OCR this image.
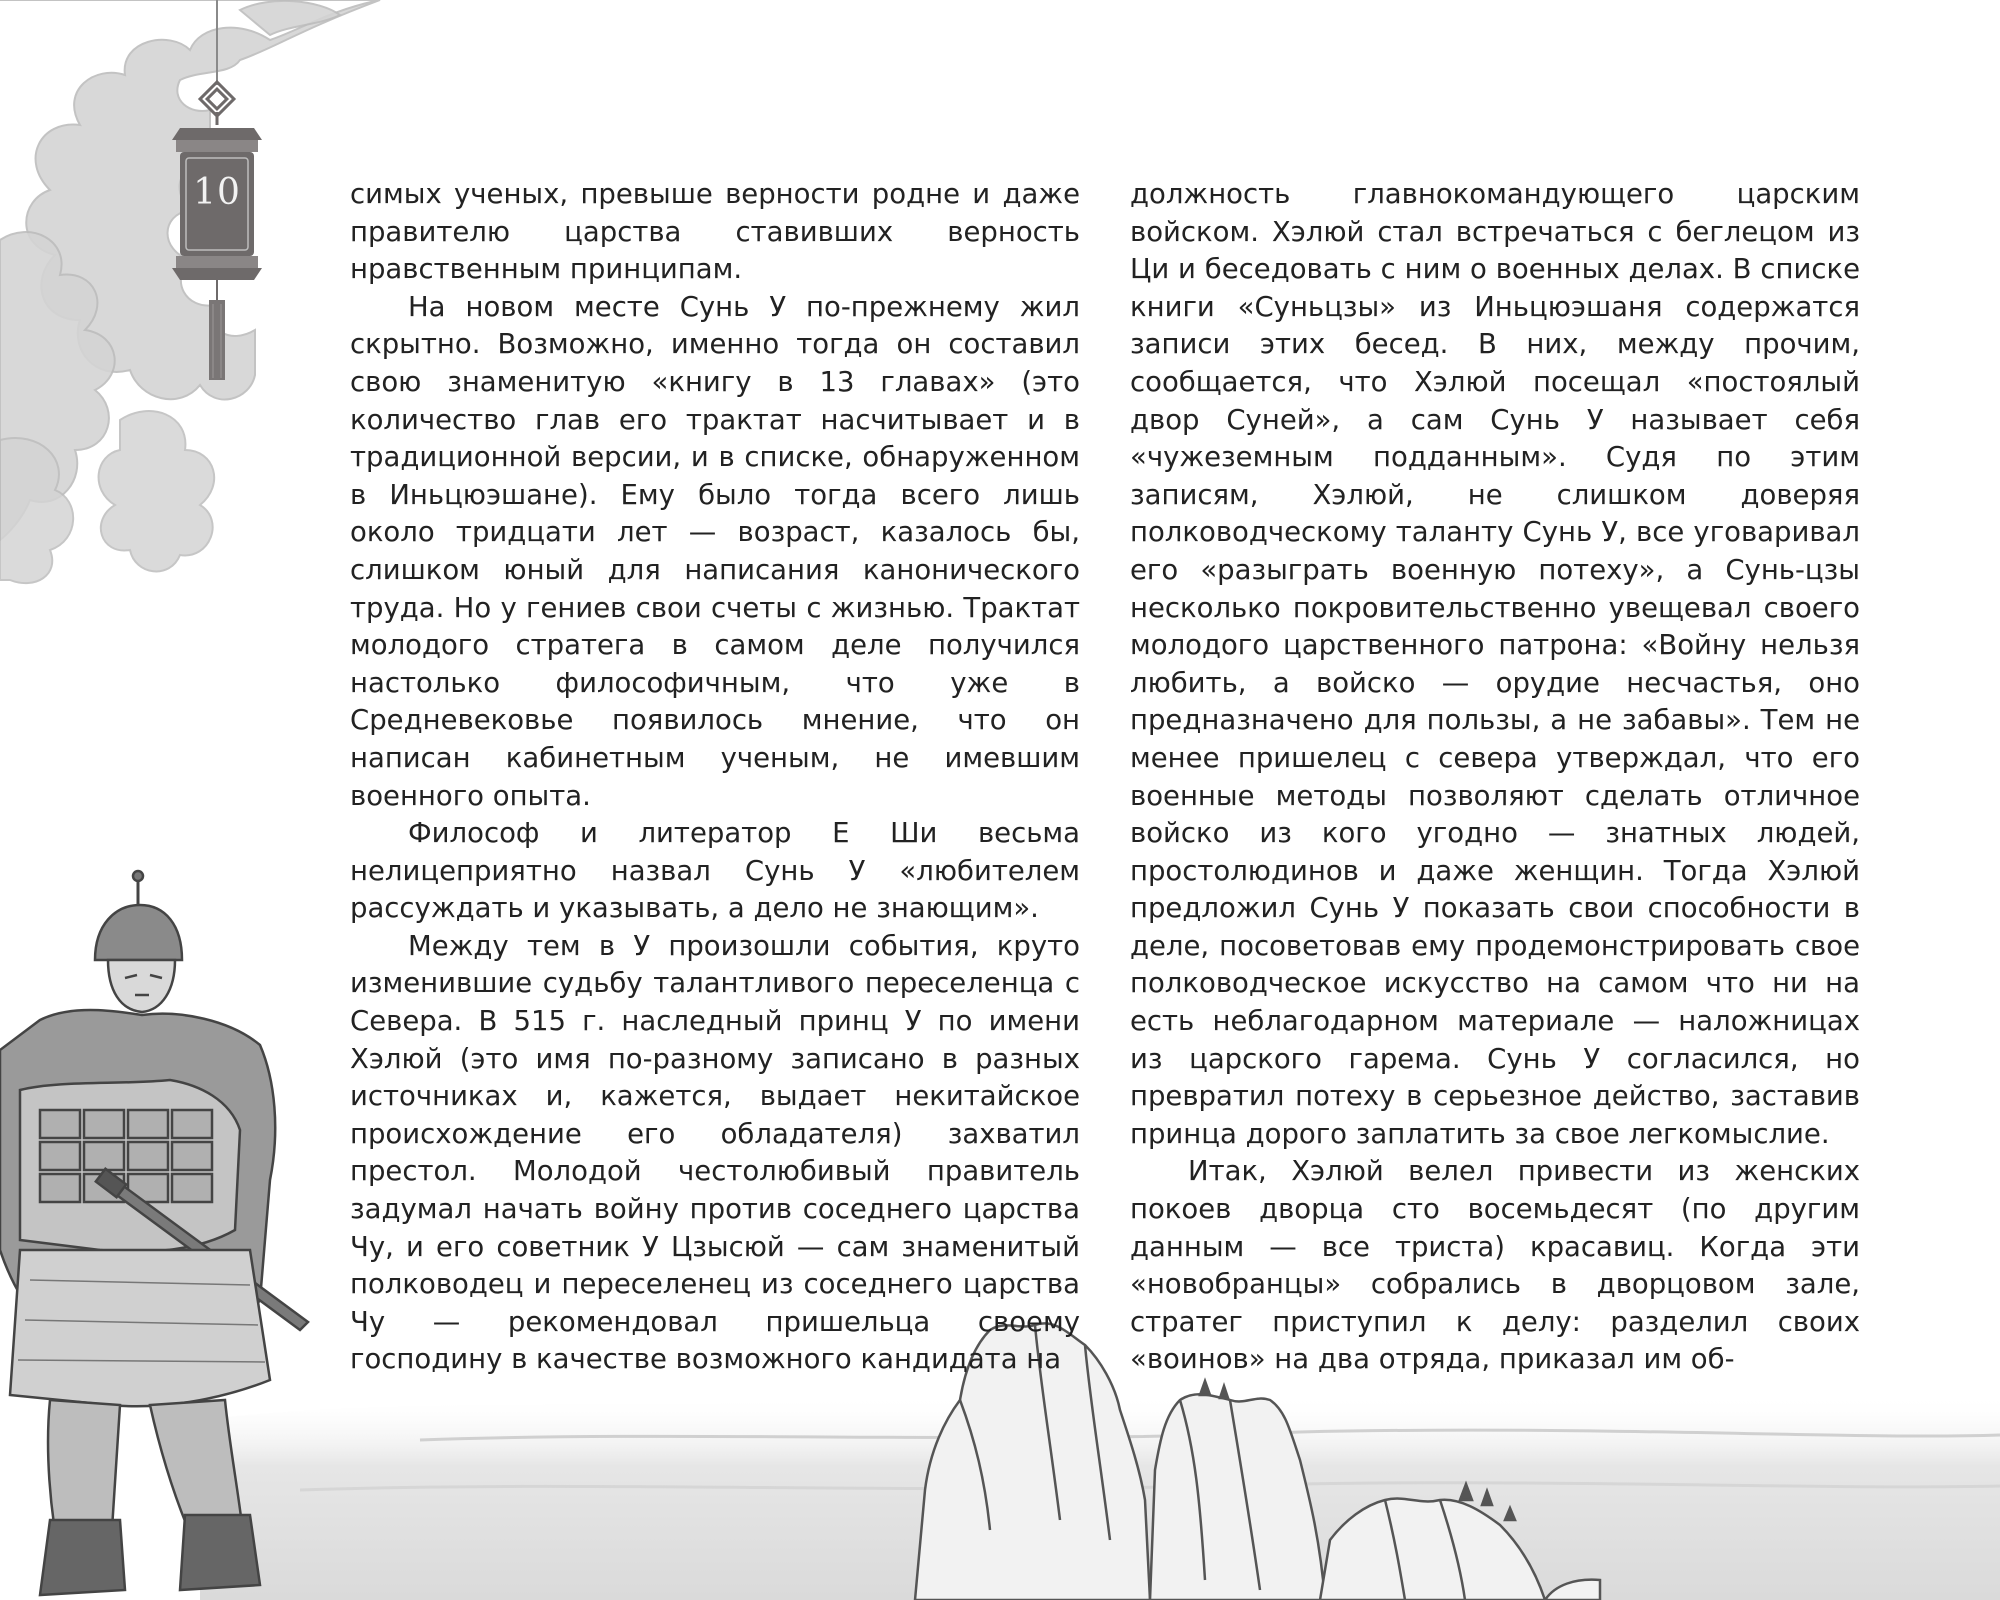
10	симых ученых, превыше верности родне и даже правителю царства ставивших верность нравственным принципам.

На новом месте Сунь У по-прежнему жил скрытно. Возможно, именно тогда он составил свою знаменитую «книгу в 13 главах» (это количество глав его трактат насчитывает и в традиционной версии, и в списке, обнаруженном в Иньцюэшане). Ему было тогда всего лишь около тридцати лет — возраст, казалось бы, слишком юный для написания канонического труда. Но у гениев свои счеты с жизнью. Трактат молодого стратега в самом деле получился настолько философичным, что уже в Средневековье появилось мнение, что он написан кабинетным ученым, не имевшим военного опыта.

Философ и литератор Е Ши весьма нелицеприятно назвал Сунь У «любителем рассуждать и указывать, а дело не знающим».

Между тем в У произошли события, круто изменившие судьбу талантливого переселенца с Севера. В 515 г. наследный принц У по имени Хэлюй (это имя по-разному записано в разных источниках и, кажется, выдает некитайское происхождение его обладателя) захватил престол. Молодой честолюбивый правитель задумал начать войну против соседнего царства Чу, и его советник У Цзысюй — сам знаменитый полководец и переселенец из соседнего царства Чу — рекомендовал пришельца своему господину в качестве возможного кандидата на

должность главнокомандующего царским войском. Хэлюй стал встречаться с беглецом из Ци и беседовать с ним о военных делах. В списке книги «Суньцзы» из Иньцюэшаня содержатся записи этих бесед. В них, между прочим, сообщается, что Хэлюй посещал «постоялый двор Суней», а сам Сунь У называет себя «чужеземным подданным». Судя по этим записям, Хэлюй, не слишком доверяя полководческому таланту Сунь У, все уговаривал его «разыграть военную потеху», а Сунь-цзы несколько покровительственно увещевал своего молодого царственного патрона: «Войну нельзя любить, а войско — орудие несчастья, оно предназначено для пользы, а не забавы». Тем не менее пришелец с севера утверждал, что его военные методы позволяют сделать отличное войско из кого угодно — знатных людей, простолюдинов и даже женщин. Тогда Хэлюй предложил Сунь У показать свои способности в деле, посоветовав ему продемонстрировать свое полководческое искусство на самом что ни на есть неблагодарном материале — наложницах из царского гарема. Сунь У согласился, но превратил потеху в серьезное действо, заставив принца дорого заплатить за свое легкомыслие.

Итак, Хэлюй велел привести из женских покоев дворца сто восемьдесят (по другим данным — все триста) красавиц. Когда эти «новобранцы» собрались в дворцовом зале, стратег приступил к делу: разделил своих «воинов» на два отряда, приказал им об-
